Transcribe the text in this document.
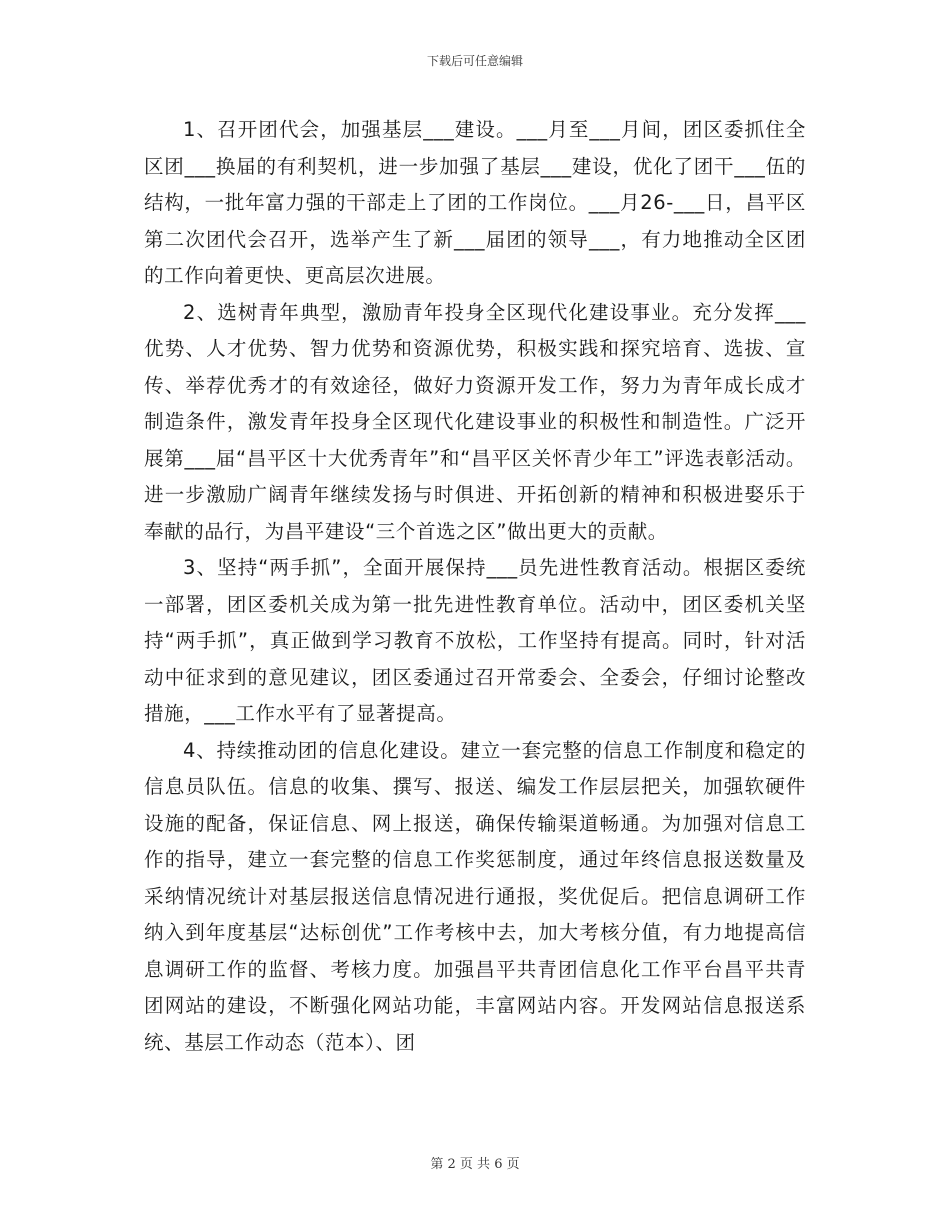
下载后可任意编辑

1、召开团代会，加强基层___建设。___月至___月间，团区委抓住全区团___换届的有利契机，进一步加强了基层___建设，优化了团干___伍的结构，一批年富力强的干部走上了团的工作岗位。___月26-___日，昌平区第二次团代会召开，选举产生了新___届团的领导___，有力地推动全区团的工作向着更快、更高层次进展。

2、选树青年典型，激励青年投身全区现代化建设事业。充分发挥___优势、人才优势、智力优势和资源优势，积极实践和探究培育、选拔、宣传、举荐优秀才的有效途径，做好力资源开发工作，努力为青年成长成才制造条件，激发青年投身全区现代化建设事业的积极性和制造性。广泛开展第___届“昌平区十大优秀青年”和“昌平区关怀青少年工”评选表彰活动。进一步激励广阔青年继续发扬与时俱进、开拓创新的精神和积极进娶乐于奉献的品行，为昌平建设“三个首选之区”做出更大的贡献。

3、坚持“两手抓”，全面开展保持___员先进性教育活动。根据区委统一部署，团区委机关成为第一批先进性教育单位。活动中，团区委机关坚持“两手抓”，真正做到学习教育不放松，工作坚持有提高。同时，针对活动中征求到的意见建议，团区委通过召开常委会、全委会，仔细讨论整改措施，___工作水平有了显著提高。

4、持续推动团的信息化建设。建立一套完整的信息工作制度和稳定的信息员队伍。信息的收集、撰写、报送、编发工作层层把关，加强软硬件设施的配备，保证信息、网上报送，确保传输渠道畅通。为加强对信息工作的指导，建立一套完整的信息工作奖惩制度，通过年终信息报送数量及采纳情况统计对基层报送信息情况进行通报，奖优促后。把信息调研工作纳入到年度基层“达标创优”工作考核中去，加大考核分值，有力地提高信息调研工作的监督、考核力度。加强昌平共青团信息化工作平台昌平共青团网站的建设，不断强化网站功能，丰富网站内容。开发网站信息报送系统、基层工作动态（范本）、团

第 2 页 共 6 页
